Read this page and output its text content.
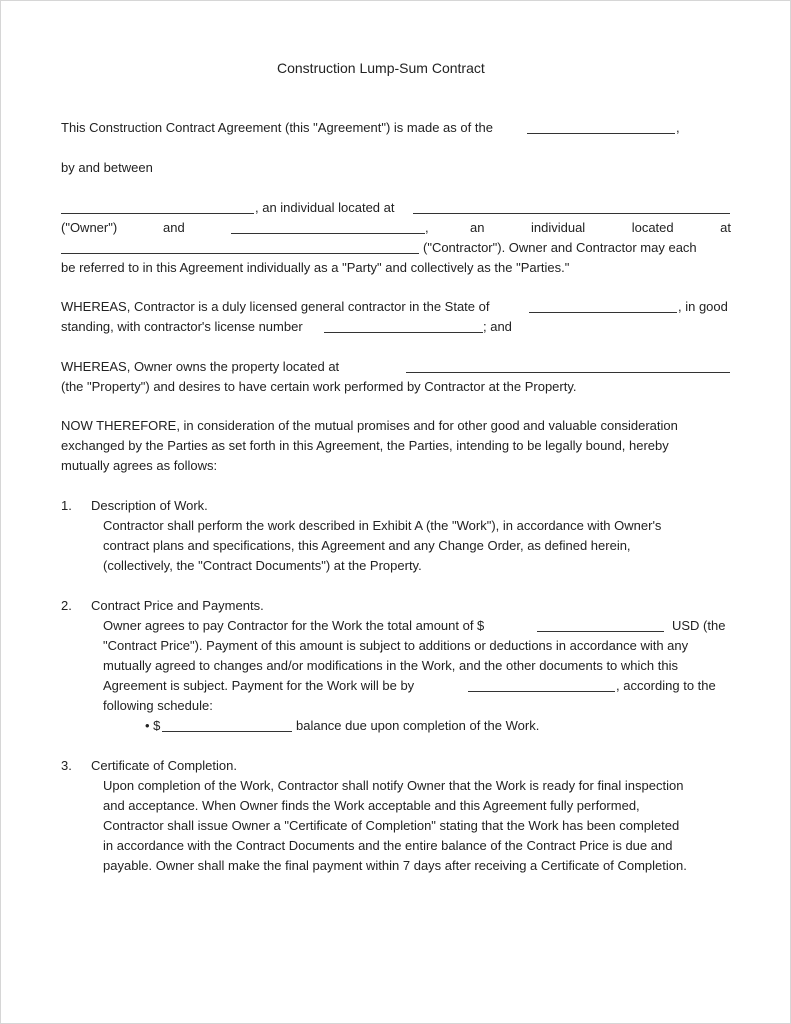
Construction Lump-Sum Contract
This Construction Contract Agreement (this "Agreement") is made as of the	,
by and between
, an individual located at
("Owner")	and	,	an	individual	located	at
("Contractor"). Owner and Contractor may each
be referred to in this Agreement individually as a "Party" and collectively as the "Parties."
WHEREAS, Contractor is a duly licensed general contractor in the State of	, in good
standing, with contractor's license number	; and
WHEREAS, Owner owns the property located at
(the "Property") and desires to have certain work performed by Contractor at the Property.
NOW THEREFORE, in consideration of the mutual promises and for other good and valuable consideration
exchanged by the Parties as set forth in this Agreement, the Parties, intending to be legally bound, hereby
mutually agrees as follows:
1. Description of Work.
Contractor shall perform the work described in Exhibit A (the "Work"), in accordance with Owner's
contract plans and specifications, this Agreement and any Change Order, as defined herein,
(collectively, the "Contract Documents") at the Property.
2. Contract Price and Payments.
Owner agrees to pay Contractor for the Work the total amount of $	USD (the
"Contract Price"). Payment of this amount is subject to additions or deductions in accordance with any
mutually agreed to changes and/or modifications in the Work, and the other documents to which this
Agreement is subject. Payment for the Work will be by	, according to the
following schedule:
• $	balance due upon completion of the Work.
3. Certificate of Completion.
Upon completion of the Work, Contractor shall notify Owner that the Work is ready for final inspection
and acceptance. When Owner finds the Work acceptable and this Agreement fully performed,
Contractor shall issue Owner a "Certificate of Completion" stating that the Work has been completed
in accordance with the Contract Documents and the entire balance of the Contract Price is due and
payable. Owner shall make the final payment within 7 days after receiving a Certificate of Completion.
